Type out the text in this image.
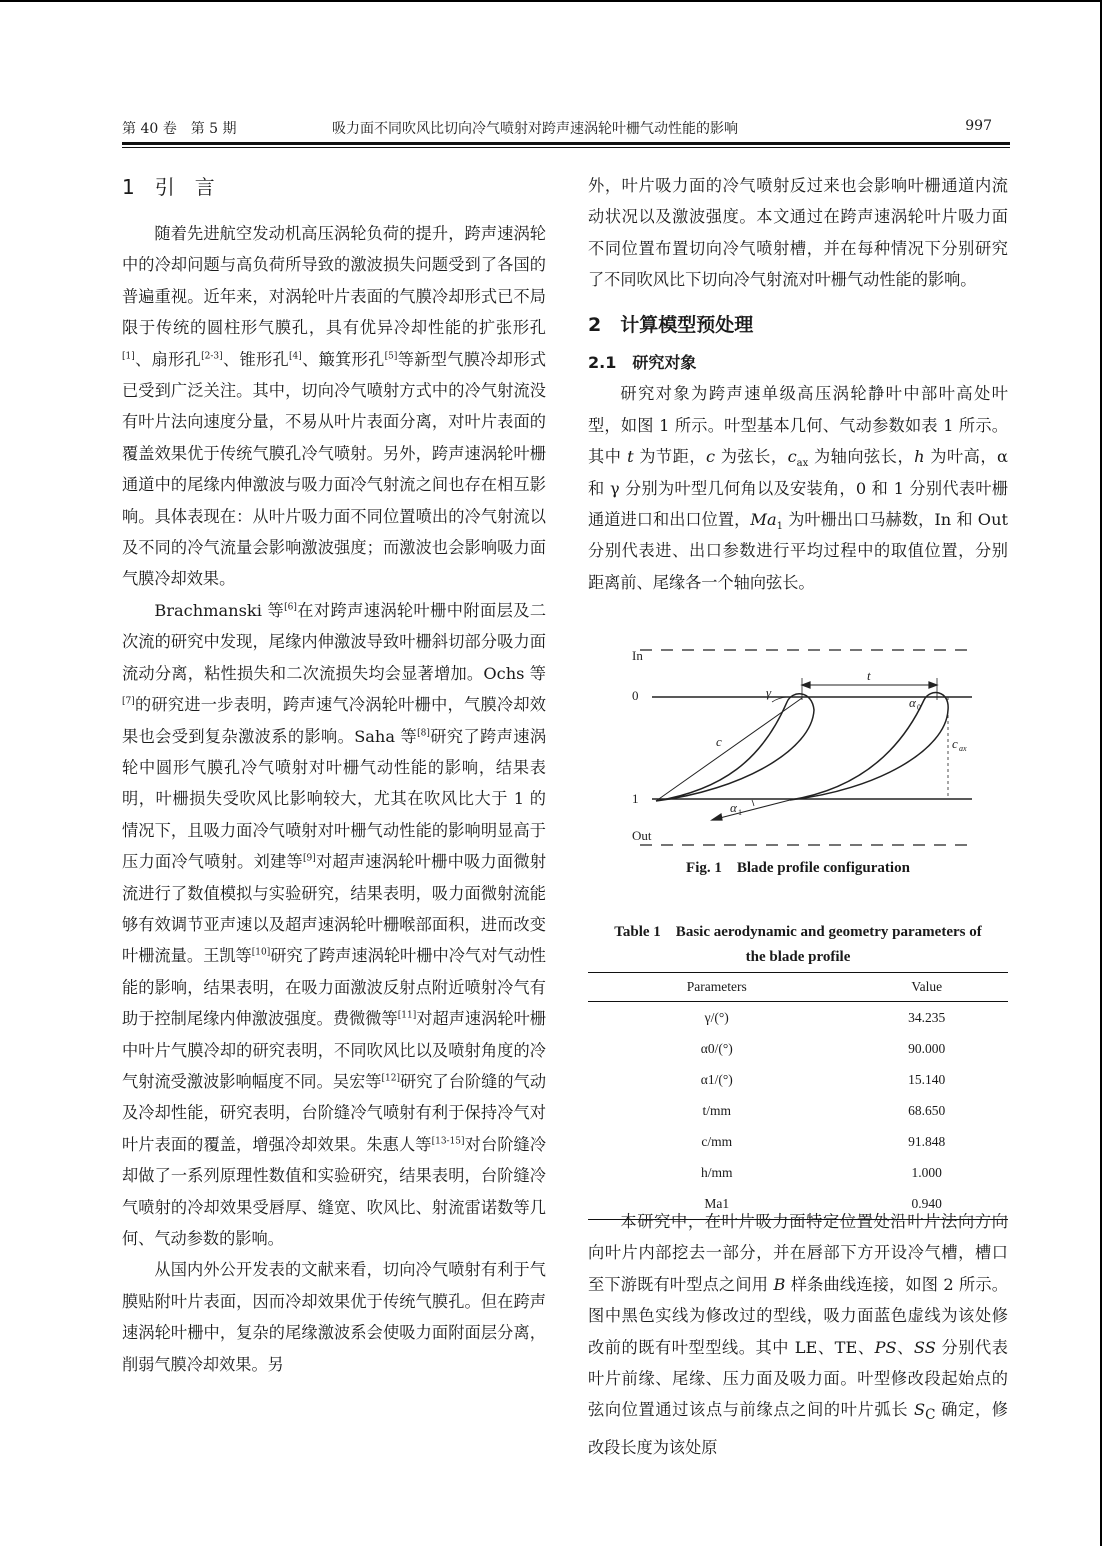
第 40 卷　第 5 期	吸力面不同吹风比切向冷气喷射对跨声速涡轮叶栅气动性能的影响	997
1 引　言

随着先进航空发动机高压涡轮负荷的提升，跨声速涡轮中的冷却问题与高负荷所导致的激波损失问题受到了各国的普遍重视。近年来，对涡轮叶片表面的气膜冷却形式已不局限于传统的圆柱形气膜孔，具有优异冷却性能的扩张形孔[1]、扇形孔[2-3]、锥形孔[4]、簸箕形孔[5]等新型气膜冷却形式已受到广泛关注。其中，切向冷气喷射方式中的冷气射流没有叶片法向速度分量，不易从叶片表面分离，对叶片表面的覆盖效果优于传统气膜孔冷气喷射。另外，跨声速涡轮叶栅通道中的尾缘内伸激波与吸力面冷气射流之间也存在相互影响。具体表现在：从叶片吸力面不同位置喷出的冷气射流以及不同的冷气流量会影响激波强度；而激波也会影响吸力面气膜冷却效果。

Brachmanski 等[6]在对跨声速涡轮叶栅中附面层及二次流的研究中发现，尾缘内伸激波导致叶栅斜切部分吸力面流动分离，粘性损失和二次流损失均会显著增加。Ochs 等[7]的研究进一步表明，跨声速气冷涡轮叶栅中，气膜冷却效果也会受到复杂激波系的影响。Saha 等[8]研究了跨声速涡轮中圆形气膜孔冷气喷射对叶栅气动性能的影响，结果表明，叶栅损失受吹风比影响较大，尤其在吹风比大于 1 的情况下，且吸力面冷气喷射对叶栅气动性能的影响明显高于压力面冷气喷射。刘建等[9]对超声速涡轮叶栅中吸力面微射流进行了数值模拟与实验研究，结果表明，吸力面微射流能够有效调节亚声速以及超声速涡轮叶栅喉部面积，进而改变叶栅流量。王凯等[10]研究了跨声速涡轮叶栅中冷气对气动性能的影响，结果表明，在吸力面激波反射点附近喷射冷气有助于控制尾缘内伸激波强度。费微微等[11]对超声速涡轮叶栅中叶片气膜冷却的研究表明，不同吹风比以及喷射角度的冷气射流受激波影响幅度不同。吴宏等[12]研究了台阶缝的气动及冷却性能，研究表明，台阶缝冷气喷射有利于保持冷气对叶片表面的覆盖，增强冷却效果。朱惠人等[13-15]对台阶缝冷却做了一系列原理性数值和实验研究，结果表明，台阶缝冷气喷射的冷却效果受唇厚、缝宽、吹风比、射流雷诺数等几何、气动参数的影响。

从国内外公开发表的文献来看，切向冷气喷射有利于气膜贴附叶片表面，因而冷却效果优于传统气膜孔。但在跨声速涡轮叶栅中，复杂的尾缘激波系会使吸力面附面层分离，削弱气膜冷却效果。另

外，叶片吸力面的冷气喷射反过来也会影响叶栅通道内流动状况以及激波强度。本文通过在跨声速涡轮叶片吸力面不同位置布置切向冷气喷射槽，并在每种情况下分别研究了不同吹风比下切向冷气射流对叶栅气动性能的影响。

2　 计算模型预处理
2.1　 研究对象

研究对象为跨声速单级高压涡轮静叶中部叶高处叶型，如图 1 所示。叶型基本几何、气动参数如表 1 所示。其中 t 为节距，c 为弦长，$c_{ax}$ 为轴向弦长，h 为叶高，α 和 γ 分别为叶型几何角以及安装角，0 和 1 分别代表叶栅通道进口和出口位置，$Ma_1$ 为叶栅出口马赫数，In 和 Out 分别代表进、出口参数进行平均过程中的取值位置，分别距离前、尾缘各一个轴向弦长。

In
0
1
Out
γ
t
c
α 0
c ax
α 1
Fig. 1　Blade profile configuration
Table 1　Basic aerodynamic and geometry parameters of
the blade profile
Parameters	Value
γ/(°)	34.235
α0/(°)	90.000
α1/(°)	15.140
t/mm	68.650
c/mm	91.848
h/mm	1.000
Ma1	0.940

本研究中，在叶片吸力面特定位置处沿叶片法向方向向叶片内部挖去一部分，并在唇部下方开设冷气槽，槽口至下游既有叶型点之间用 B 样条曲线连接，如图 2 所示。图中黑色实线为修改过的型线，吸力面蓝色虚线为该处修改前的既有叶型型线。其中 LE、TE、PS、SS 分别代表叶片前缘、尾缘、压力面及吸力面。叶型修改段起始点的弦向位置通过该点与前缘点之间的叶片弧长 $S_C$ 确定，修改段长度为该处原
